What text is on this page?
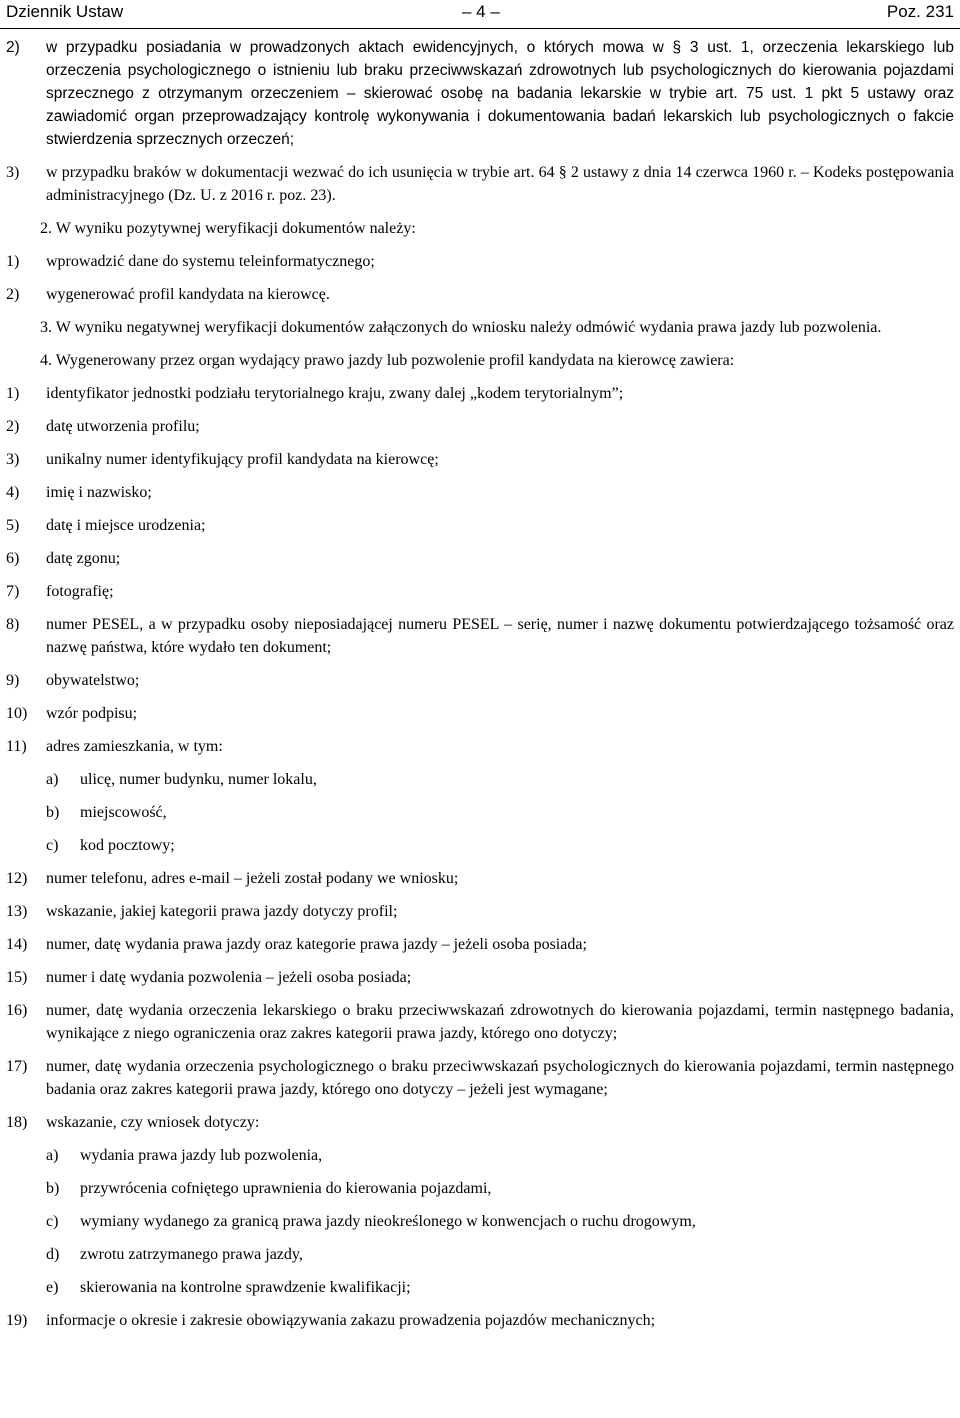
Dziennik Ustaw	– 4 –	Poz. 231
2) w przypadku posiadania w prowadzonych aktach ewidencyjnych, o których mowa w § 3 ust. 1, orzeczenia lekarskiego lub orzeczenia psychologicznego o istnieniu lub braku przeciwwskazań zdrowotnych lub psychologicznych do kierowania pojazdami sprzecznego z otrzymanym orzeczeniem – skierować osobę na badania lekarskie w trybie art. 75 ust. 1 pkt 5 ustawy oraz zawiadomić organ przeprowadzający kontrolę wykonywania i dokumentowania badań lekarskich lub psychologicznych o fakcie stwierdzenia sprzecznych orzeczeń;
3) w przypadku braków w dokumentacji wezwać do ich usunięcia w trybie art. 64 § 2 ustawy z dnia 14 czerwca 1960 r. – Kodeks postępowania administracyjnego (Dz. U. z 2016 r. poz. 23).
2. W wyniku pozytywnej weryfikacji dokumentów należy:
1) wprowadzić dane do systemu teleinformatycznego;
2) wygenerować profil kandydata na kierowcę.
3. W wyniku negatywnej weryfikacji dokumentów załączonych do wniosku należy odmówić wydania prawa jazdy lub pozwolenia.
4. Wygenerowany przez organ wydający prawo jazdy lub pozwolenie profil kandydata na kierowcę zawiera:
1) identyfikator jednostki podziału terytorialnego kraju, zwany dalej „kodem terytorialnym”;
2) datę utworzenia profilu;
3) unikalny numer identyfikujący profil kandydata na kierowcę;
4) imię i nazwisko;
5) datę i miejsce urodzenia;
6) datę zgonu;
7) fotografię;
8) numer PESEL, a w przypadku osoby nieposiadającej numeru PESEL – serię, numer i nazwę dokumentu potwierdzającego tożsamość oraz nazwę państwa, które wydało ten dokument;
9) obywatelstwo;
10) wzór podpisu;
11) adres zamieszkania, w tym:
a) ulicę, numer budynku, numer lokalu,
b) miejscowość,
c) kod pocztowy;
12) numer telefonu, adres e-mail – jeżeli został podany we wniosku;
13) wskazanie, jakiej kategorii prawa jazdy dotyczy profil;
14) numer, datę wydania prawa jazdy oraz kategorie prawa jazdy – jeżeli osoba posiada;
15) numer i datę wydania pozwolenia – jeżeli osoba posiada;
16) numer, datę wydania orzeczenia lekarskiego o braku przeciwwskazań zdrowotnych do kierowania pojazdami, termin następnego badania, wynikające z niego ograniczenia oraz zakres kategorii prawa jazdy, którego ono dotyczy;
17) numer, datę wydania orzeczenia psychologicznego o braku przeciwwskazań psychologicznych do kierowania pojazdami, termin następnego badania oraz zakres kategorii prawa jazdy, którego ono dotyczy – jeżeli jest wymagane;
18) wskazanie, czy wniosek dotyczy:
a) wydania prawa jazdy lub pozwolenia,
b) przywrócenia cofniętego uprawnienia do kierowania pojazdami,
c) wymiany wydanego za granicą prawa jazdy nieokreślonego w konwencjach o ruchu drogowym,
d) zwrotu zatrzymanego prawa jazdy,
e) skierowania na kontrolne sprawdzenie kwalifikacji;
19) informacje o okresie i zakresie obowiązywania zakazu prowadzenia pojazdów mechanicznych;
